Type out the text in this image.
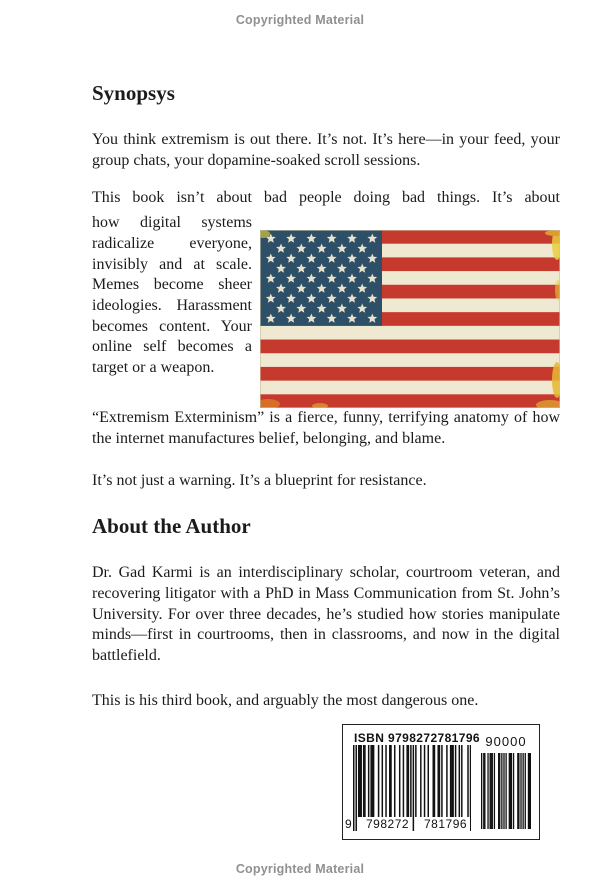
Copyrighted Material
Synopsys

You think extremism is out there. It’s not. It’s here—in your feed, your group chats, your dopamine-soaked scroll sessions.

This book isn’t about bad people doing bad things. It’s about
how digital systems radicalize everyone, invisibly and at scale. Memes become sheer ideologies. Harassment becomes content. Your online self becomes a target or a weapon.

“Extremism Exterminism” is a fierce, funny, terrifying anatomy of how the internet manufactures belief, belonging, and blame.

It’s not just a warning. It’s a blueprint for resistance.

About the Author

Dr. Gad Karmi is an interdisciplinary scholar, courtroom veteran, and recovering litigator with a PhD in Mass Communication from St. John’s University. For over three decades, he’s studied how stories manipulate minds—first in courtrooms, then in classrooms, and now in the digital battlefield.

This is his third book, and arguably the most dangerous one.

ISBN 9798272781796
9 798272 781796
90000
Copyrighted Material
